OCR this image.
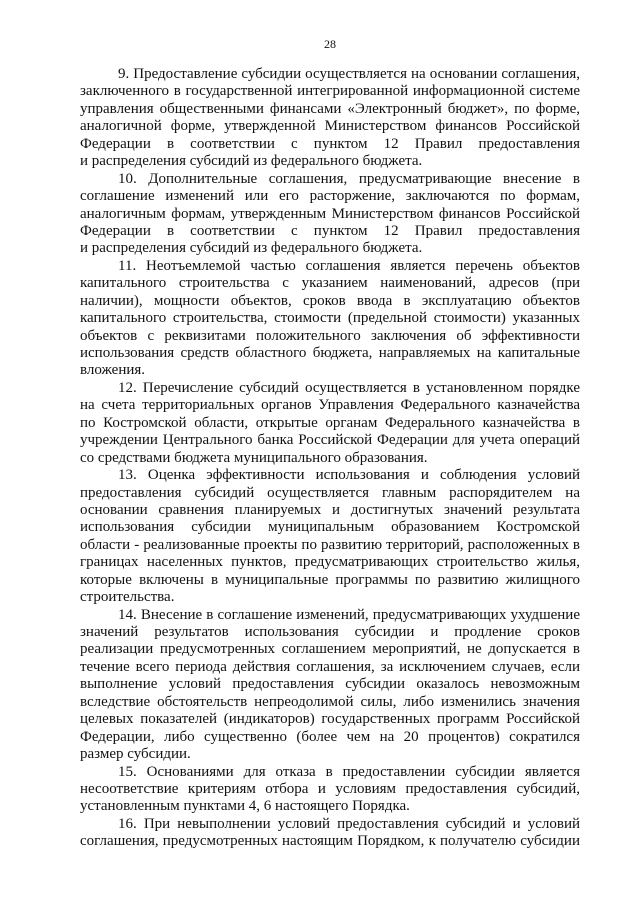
28
9. Предоставление субсидии осуществляется на основании соглашения,
заключенного в государственной интегрированной информационной системе
управления общественными финансами «Электронный бюджет», по форме,
аналогичной форме, утвержденной Министерством финансов Российской
Федерации в соответствии с пунктом 12 Правил предоставления
и распределения субсидий из федерального бюджета.
10. Дополнительные соглашения, предусматривающие внесение в
соглашение изменений или его расторжение, заключаются по формам,
аналогичным формам, утвержденным Министерством финансов Российской
Федерации в соответствии с пунктом 12 Правил предоставления
и распределения субсидий из федерального бюджета.
11. Неотъемлемой частью соглашения является перечень объектов
капитального строительства с указанием наименований, адресов (при
наличии), мощности объектов, сроков ввода в эксплуатацию объектов
капитального строительства, стоимости (предельной стоимости) указанных
объектов с реквизитами положительного заключения об эффективности
использования средств областного бюджета, направляемых на капитальные
вложения.
12. Перечисление субсидий осуществляется в установленном порядке
на счета территориальных органов Управления Федерального казначейства
по Костромской области, открытые органам Федерального казначейства в
учреждении Центрального банка Российской Федерации для учета операций
со средствами бюджета муниципального образования.
13. Оценка эффективности использования и соблюдения условий
предоставления субсидий осуществляется главным распорядителем на
основании сравнения планируемых и достигнутых значений результата
использования субсидии муниципальным образованием Костромской
области - реализованные проекты по развитию территорий, расположенных в
границах населенных пунктов, предусматривающих строительство жилья,
которые включены в муниципальные программы по развитию жилищного
строительства.
14. Внесение в соглашение изменений, предусматривающих ухудшение
значений результатов использования субсидии и продление сроков
реализации предусмотренных соглашением мероприятий, не допускается в
течение всего периода действия соглашения, за исключением случаев, если
выполнение условий предоставления субсидии оказалось невозможным
вследствие обстоятельств непреодолимой силы, либо изменились значения
целевых показателей (индикаторов) государственных программ Российской
Федерации, либо существенно (более чем на 20 процентов) сократился
размер субсидии.
15. Основаниями для отказа в предоставлении субсидии является
несоответствие критериям отбора и условиям предоставления субсидий,
установленным пунктами 4, 6 настоящего Порядка.
16. При невыполнении условий предоставления субсидий и условий
соглашения, предусмотренных настоящим Порядком, к получателю субсидии
